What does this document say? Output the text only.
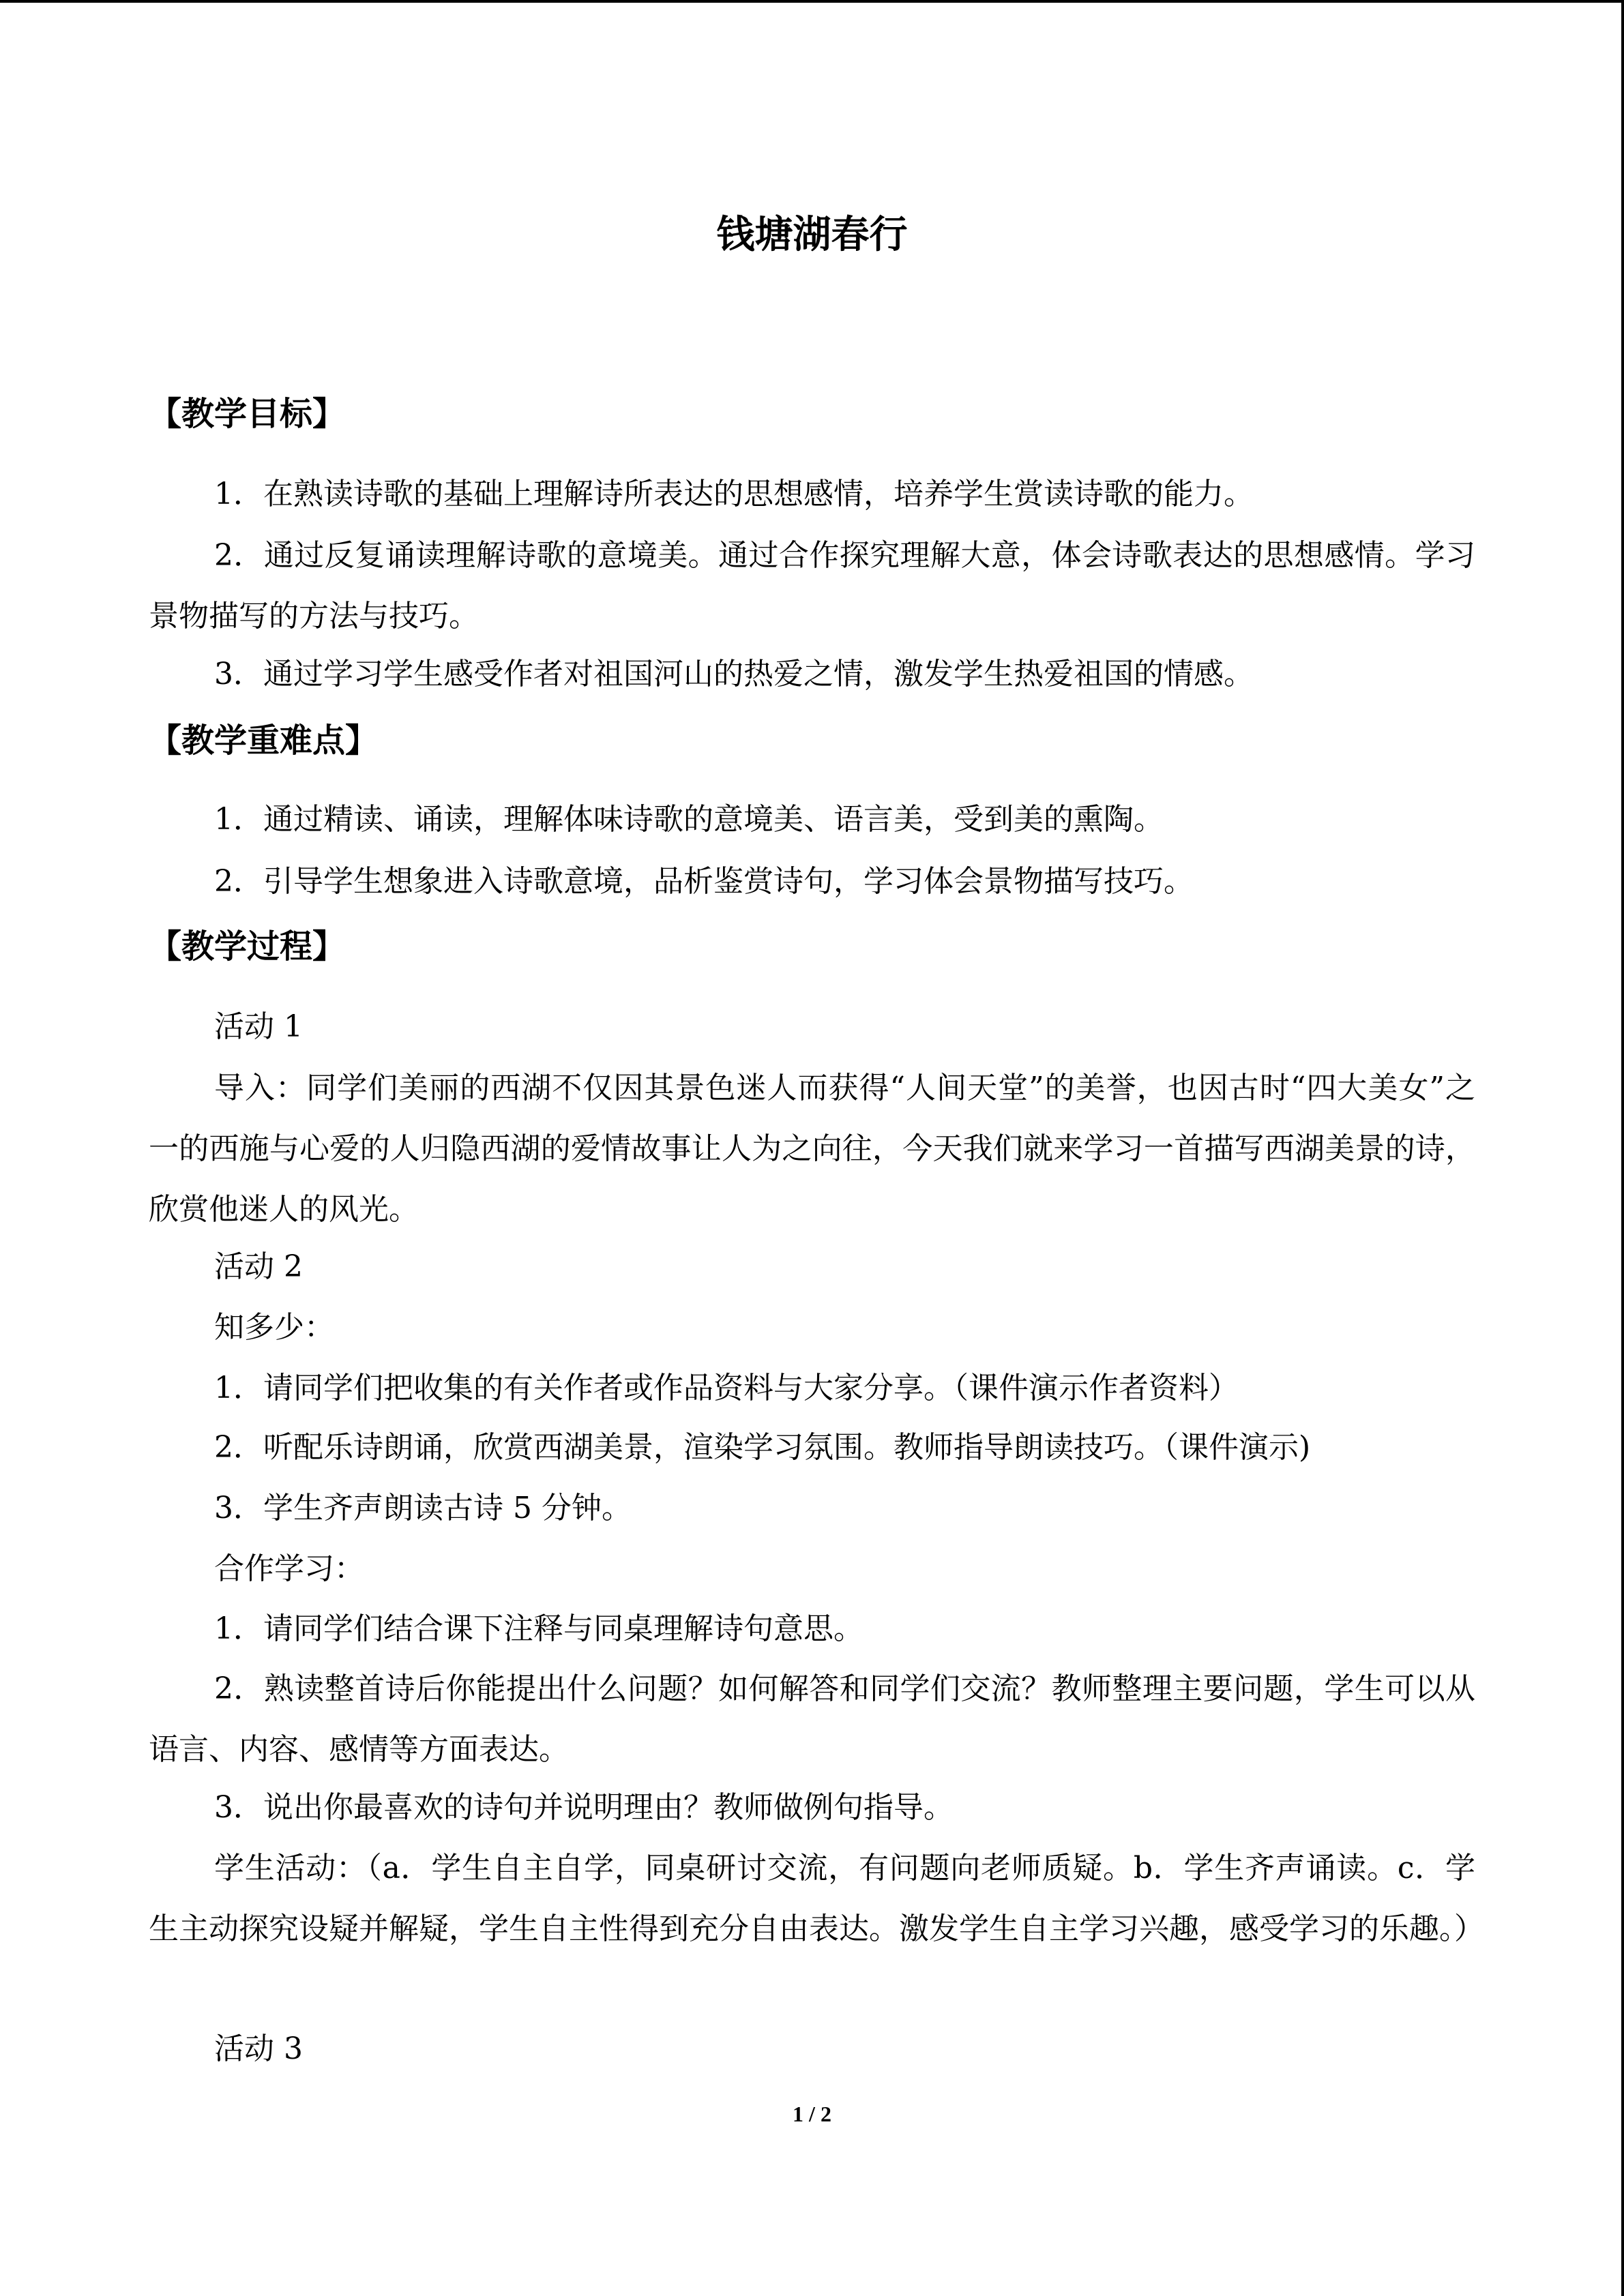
钱塘湖春行
【教学目标】

1．在熟读诗歌的基础上理解诗所表达的思想感情，培养学生赏读诗歌的能力。

2．通过反复诵读理解诗歌的意境美。通过合作探究理解大意，体会诗歌表达的思想感情。学习景物描写的方法与技巧。

3．通过学习学生感受作者对祖国河山的热爱之情，激发学生热爱祖国的情感。

【教学重难点】

1．通过精读、诵读，理解体味诗歌的意境美、语言美，受到美的熏陶。

2．引导学生想象进入诗歌意境，品析鉴赏诗句，学习体会景物描写技巧。

【教学过程】

活动 1

导入：同学们美丽的西湖不仅因其景色迷人而获得“人间天堂”的美誉，也因古时“四大美女”之一的西施与心爱的人归隐西湖的爱情故事让人为之向往，今天我们就来学习一首描写西湖美景的诗，欣赏他迷人的风光。

活动 2

知多少：

1．请同学们把收集的有关作者或作品资料与大家分享。（课件演示作者资料）

2．听配乐诗朗诵，欣赏西湖美景，渲染学习氛围。教师指导朗读技巧。（课件演示)

3．学生齐声朗读古诗 5 分钟。

合作学习：

1．请同学们结合课下注释与同桌理解诗句意思。

2．熟读整首诗后你能提出什么问题？如何解答和同学们交流？教师整理主要问题，学生可以从语言、内容、感情等方面表达。

3．说出你最喜欢的诗句并说明理由？教师做例句指导。

学生活动：（a．学生自主自学，同桌研讨交流，有问题向老师质疑。b．学生齐声诵读。c．学生主动探究设疑并解疑，学生自主性得到充分自由表达。激发学生自主学习兴趣，感受学习的乐趣。）

活动 3

1 / 2
